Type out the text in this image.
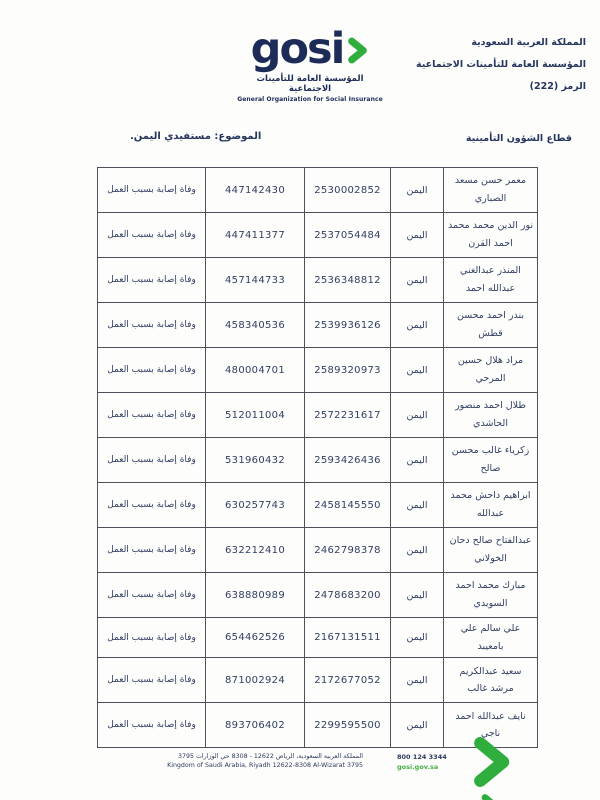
gosi
المؤسسة العامة للتأمينات الاجتماعية
General Organization for Social Insurance
المملكة العربية السعودية
المؤسسة العامة للتأمينات الاجتماعية
الرمز (222)
قطاع الشؤون التأمينية
الموضوع: مستفيدي اليمن.
معمر حسن مسعد الصباري	اليمن	2530002852	447142430	وفاة إصابة بسبب العمل
نور الدين محمد محمد احمد القرن	اليمن	2537054484	447411377	وفاة إصابة بسبب العمل
المنذر عبدالغني عبدالله احمد	اليمن	2536348812	457144733	وفاة إصابة بسبب العمل
بندر احمد محسن قطش	اليمن	2539936126	458340536	وفاة إصابة بسبب العمل
مراد هلال حسين المرحي	اليمن	2589320973	480004701	وفاة إصابة بسبب العمل
طلال احمد منصور الحاشدي	اليمن	2572231617	512011004	وفاة إصابة بسبب العمل
زكرياء غالب محسن صالح	اليمن	2593426436	531960432	وفاة إصابة بسبب العمل
ابراهيم داحش محمد عبدالله	اليمن	2458145550	630257743	وفاة إصابة بسبب العمل
عبدالفتاح صالح دحان الخولاني	اليمن	2462798378	632212410	وفاة إصابة بسبب العمل
مبارك محمد احمد السويدي	اليمن	2478683200	638880989	وفاة إصابة بسبب العمل
علي سالم علي بامعيبد	اليمن	2167131511	654462526	وفاة إصابة بسبب العمل
سعيد عبدالكريم مرشد غالب	اليمن	2172677052	871002924	وفاة إصابة بسبب العمل
نايف عبدالله احمد ناجي	اليمن	2299595500	893706402	وفاة إصابة بسبب العمل
المملكة العربية السعودية، الرياض 12622 - 8308 حي الوزارات 3795
Kingdom of Saudi Arabia, Riyadh 12622-8308 Al-Wizarat 3795
800 124 3344
gosi.gov.sa
